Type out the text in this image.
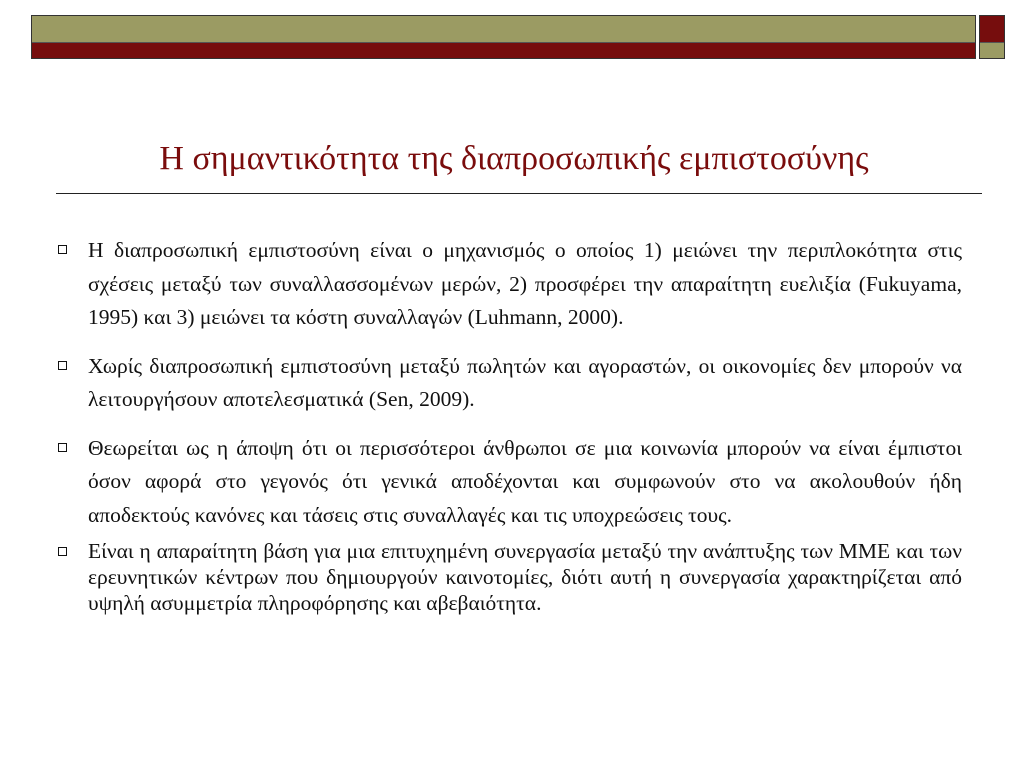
Η σημαντικότητα της διαπροσωπικής εμπιστοσύνης
Η διαπροσωπική εμπιστοσύνη είναι ο μηχανισμός ο οποίος 1) μειώνει την περιπλοκότητα στις σχέσεις μεταξύ των συναλλασσομένων μερών, 2) προσφέρει την απαραίτητη ευελιξία (Fukuyama, 1995) και 3) μειώνει τα κόστη συναλλαγών (Luhmann, 2000).
Χωρίς διαπροσωπική εμπιστοσύνη μεταξύ πωλητών και αγοραστών, οι οικονομίες δεν μπορούν να λειτουργήσουν αποτελεσματικά (Sen, 2009).
Θεωρείται ως η άποψη ότι οι περισσότεροι άνθρωποι σε μια κοινωνία μπορούν να είναι έμπιστοι όσον αφορά στο γεγονός ότι γενικά αποδέχονται και συμφωνούν στο να ακολουθούν ήδη αποδεκτούς κανόνες και τάσεις στις συναλλαγές και τις υποχρεώσεις τους.
Είναι η απαραίτητη βάση για μια επιτυχημένη συνεργασία μεταξύ την ανάπτυξης των ΜΜΕ και των ερευνητικών κέντρων που δημιουργούν καινοτομίες, διότι αυτή η συνεργασία χαρακτηρίζεται από υψηλή ασυμμετρία πληροφόρησης και αβεβαιότητα.
